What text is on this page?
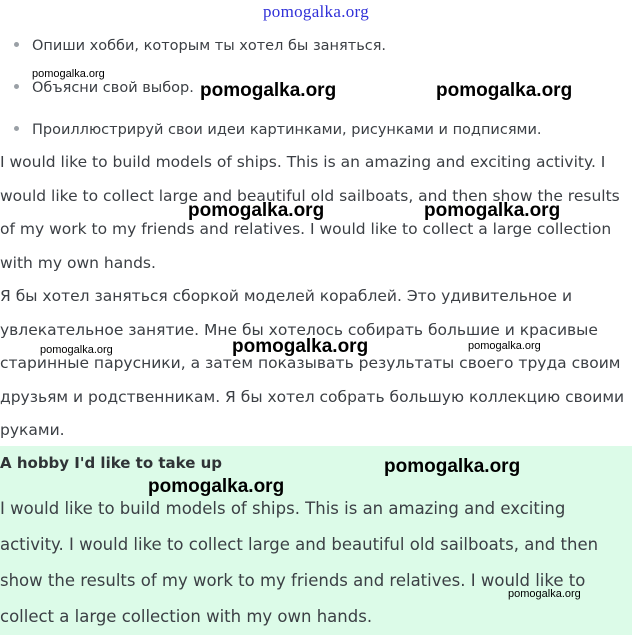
pomogalka.org
Опиши хобби, которым ты хотел бы заняться.
Объясни свой выбор.
Проиллюстрируй свои идеи картинками, рисунками и подписями.
I would like to build models of ships. This is an amazing and exciting activity. I would like to collect large and beautiful old sailboats, and then show the results of my work to my friends and relatives. I would like to collect a large collection with my own hands.
Я бы хотел заняться сборкой моделей кораблей. Это удивительное и увлекательное занятие. Мне бы хотелось собирать большие и красивые старинные парусники, а затем показывать результаты своего труда своим друзьям и родственникам. Я бы хотел собрать большую коллекцию своими руками.
A hobby I'd like to take up
I would like to build models of ships. This is an amazing and exciting activity. I would like to collect large and beautiful old sailboats, and then show the results of my work to my friends and relatives. I would like to collect a large collection with my own hands.
pomogalka.org
pomogalka.org	pomogalka.org
pomogalka.org	pomogalka.org
pomogalka.org	pomogalka.org	pomogalka.org
pomogalka.org
pomogalka.org
pomogalka.org
